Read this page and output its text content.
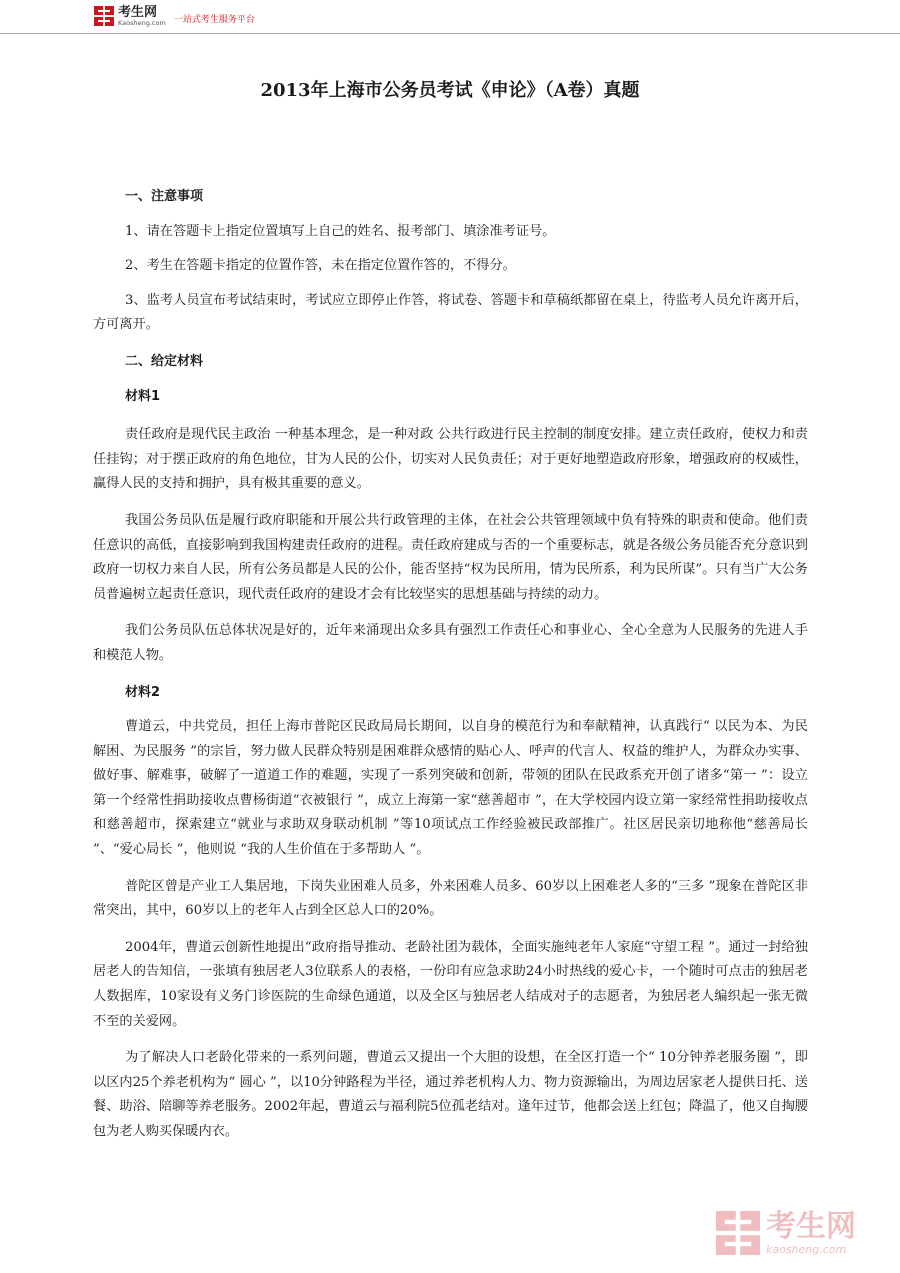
考生网
Kaosheng.com 一站式考生服务平台
2013年上海市公务员考试《申论》（A卷）真题
一、注意事项

1、请在答题卡上指定位置填写上自己的姓名、报考部门、填涂准考证号。

2、考生在答题卡指定的位置作答，未在指定位置作答的，不得分。

3、监考人员宣布考试结束时，考试应立即停止作答，将试卷、答题卡和草稿纸都留在桌上，待监考人员允许离开后，方可离开。

二、给定材料
材料1

责任政府是现代民主政治 一种基本理念，是一种对政 公共行政进行民主控制的制度安排。建立责任政府，使权力和责任挂钩；对于摆正政府的角色地位，甘为人民的公仆，切实对人民负责任；对于更好地塑造政府形象，增强政府的权威性，赢得人民的支持和拥护，具有极其重要的意义。

我国公务员队伍是履行政府职能和开展公共行政管理的主体，在社会公共管理领域中负有特殊的职责和使命。他们责任意识的高低，直接影响到我国构建责任政府的进程。责任政府建成与否的一个重要标志，就是各级公务员能否充分意识到政府一切权力来自人民，所有公务员都是人民的公仆，能否坚持“权为民所用，情为民所系，利为民所谋”。只有当广大公务员普遍树立起责任意识，现代责任政府的建设才会有比较坚实的思想基础与持续的动力。

我们公务员队伍总体状况是好的，近年来涌现出众多具有强烈工作责任心和事业心、全心全意为人民服务的先进人手和模范人物。

材料2

曹道云，中共党员，担任上海市普陀区民政局局长期间，以自身的模范行为和奉献精神，认真践行“ 以民为本、为民解困、为民服务 ”的宗旨，努力做人民群众特别是困难群众感情的贴心人、呼声的代言人、权益的维护人，为群众办实事、做好事、解难事，破解了一道道工作的难题，实现了一系列突破和创新，带领的团队在民政系充开创了诸多“第一 ”：设立第一个经常性捐助接收点曹杨街道“衣被银行 ”，成立上海第一家“慈善超市 ”，在大学校园内设立第一家经常性捐助接收点和慈善超市，探索建立“就业与求助双身联动机制 ”等10项试点工作经验被民政部推广。社区居民亲切地称他“慈善局长 ”、“爱心局长 ”，他则说 “我的人生价值在于多帮助人 ”。

普陀区曾是产业工人集居地，下岗失业困难人员多，外来困难人员多、60岁以上困难老人多的“三多 ”现象在普陀区非常突出，其中，60岁以上的老年人占到全区总人口的20%。

2004年，曹道云创新性地提出“政府指导推动、老龄社团为载体，全面实施纯老年人家庭“守望工程 ”。通过一封给独居老人的告知信，一张填有独居老人3位联系人的表格，一份印有应急求助24小时热线的爱心卡，一个随时可点击的独居老人数据库，10家设有义务门诊医院的生命绿色通道，以及全区与独居老人结成对子的志愿者，为独居老人编织起一张无微不至的关爱网。

为了解决人口老龄化带来的一系列问题，曹道云又提出一个大胆的设想，在全区打造一个“ 10分钟养老服务圈 ”，即以区内25个养老机构为“ 圆心 ”，以10分钟路程为半径，通过养老机构人力、物力资源输出，为周边居家老人提供日托、送餐、助浴、陪聊等养老服务。2002年起，曹道云与福利院5位孤老结对。逢年过节，他都会送上红包；降温了，他又自掏腰包为老人购买保暖内衣。

考生网
kaosheng.com
